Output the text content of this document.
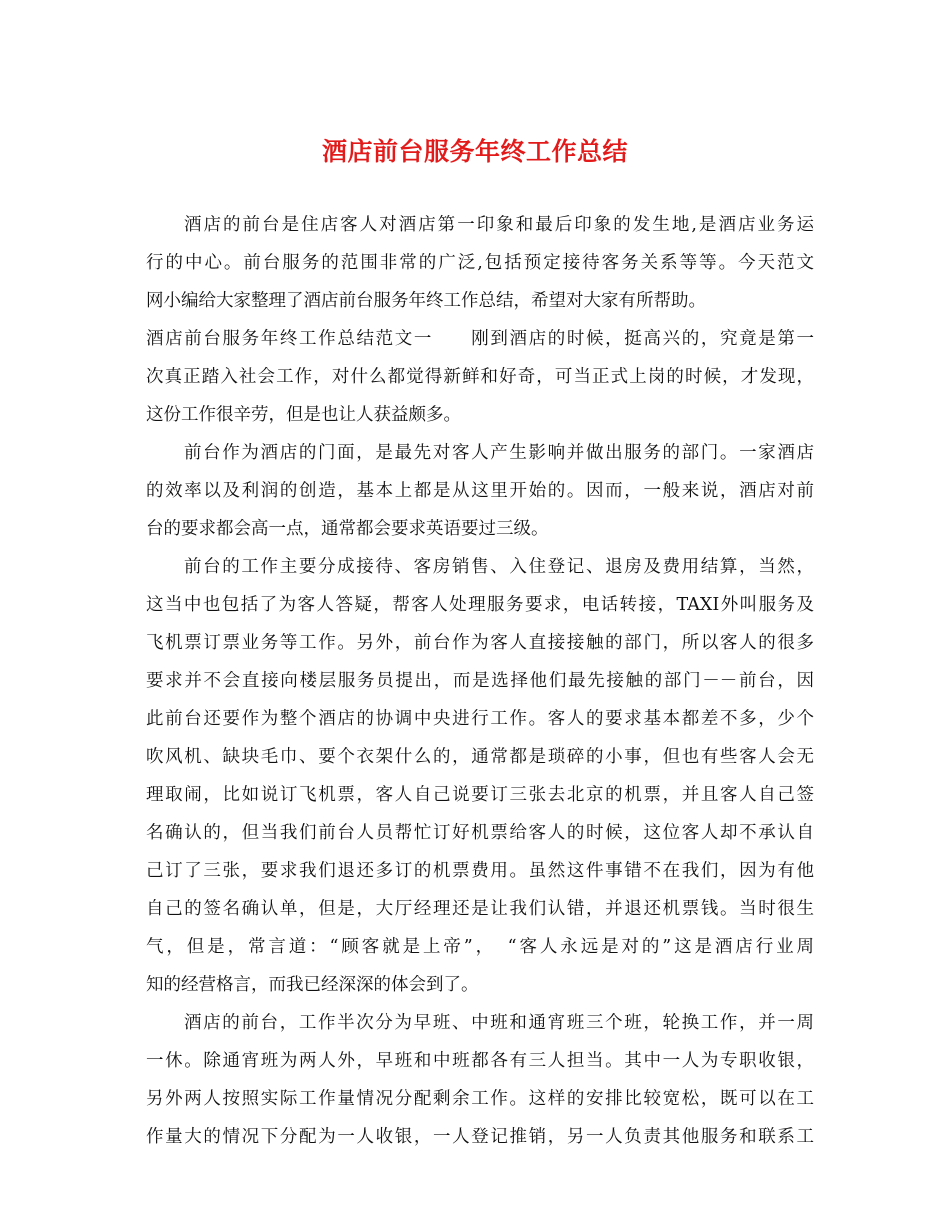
酒店前台服务年终工作总结
酒店的前台是住店客人对酒店第一印象和最后印象的发生地,是酒店业务运
行的中心。前台服务的范围非常的广泛,包括预定接待客务关系等等。今天范文
网小编给大家整理了酒店前台服务年终工作总结，希望对大家有所帮助。
酒店前台服务年终工作总结范文一　　刚到酒店的时候，挺高兴的，究竟是第一
次真正踏入社会工作，对什么都觉得新鲜和好奇，可当正式上岗的时候，才发现，
这份工作很辛劳，但是也让人获益颇多。
前台作为酒店的门面，是最先对客人产生影响并做出服务的部门。一家酒店
的效率以及利润的创造，基本上都是从这里开始的。因而，一般来说，酒店对前
台的要求都会高一点，通常都会要求英语要过三级。
前台的工作主要分成接待、客房销售、入住登记、退房及费用结算，当然，
这当中也包括了为客人答疑，帮客人处理服务要求，电话转接，TAXI外叫服务及
飞机票订票业务等工作。另外，前台作为客人直接接触的部门，所以客人的很多
要求并不会直接向楼层服务员提出，而是选择他们最先接触的部门－－前台，因
此前台还要作为整个酒店的协调中央进行工作。客人的要求基本都差不多，少个
吹风机、缺块毛巾、要个衣架什么的，通常都是琐碎的小事，但也有些客人会无
理取闹，比如说订飞机票，客人自己说要订三张去北京的机票，并且客人自己签
名确认的，但当我们前台人员帮忙订好机票给客人的时候，这位客人却不承认自
己订了三张，要求我们退还多订的机票费用。虽然这件事错不在我们，因为有他
自己的签名确认单，但是，大厅经理还是让我们认错，并退还机票钱。当时很生
气，但是，常言道：“顾客就是上帝”，　“客人永远是对的”这是酒店行业周
知的经营格言，而我已经深深的体会到了。
酒店的前台，工作半次分为早班、中班和通宵班三个班，轮换工作，并一周
一休。除通宵班为两人外，早班和中班都各有三人担当。其中一人为专职收银，
另外两人按照实际工作量情况分配剩余工作。这样的安排比较宽松，既可以在工
作量大的情况下分配为一人收银，一人登记推销，另一人负责其他服务和联系工
